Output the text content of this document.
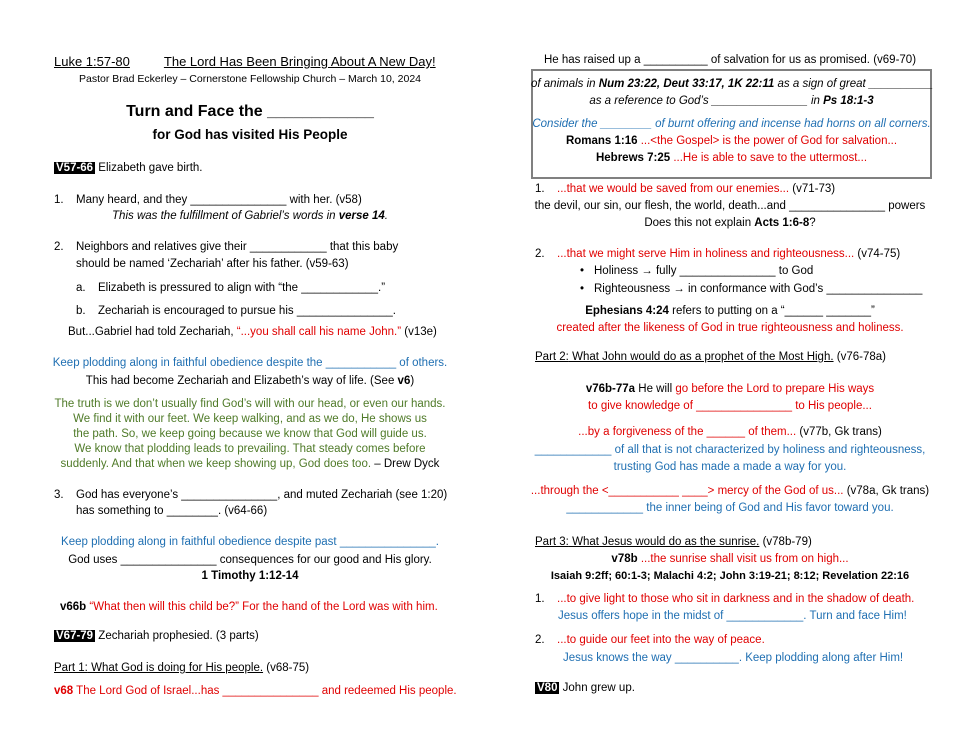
Luke 1:57-80	The Lord Has Been Bringing About A New Day!
Pastor Brad Eckerley – Cornerstone Fellowship Church – March 10, 2024
Turn and Face the ____________
for God has visited His People
V57-66 Elizabeth gave birth.
1. Many heard, and they _______________ with her. (v58)
This was the fulfillment of Gabriel’s words in verse 14.
2. Neighbors and relatives give their ____________ that this baby
should be named ‘Zechariah’ after his father. (v59-63)
a. Elizabeth is pressured to align with “the ____________.”
b. Zechariah is encouraged to pursue his _______________.
But...Gabriel had told Zechariah, “...you shall call his name John.” (v13e)
Keep plodding along in faithful obedience despite the ___________ of others.
This had become Zechariah and Elizabeth’s way of life. (See v6)
The truth is we don’t usually find God’s will with our head, or even our hands.
We find it with our feet. We keep walking, and as we do, He shows us
the path. So, we keep going because we know that God will guide us.
We know that plodding leads to prevailing. That steady comes before
suddenly. And that when we keep showing up, God does too. – Drew Dyck
3. God has everyone’s _______________, and muted Zechariah (see 1:20)
has something to ________. (v64-66)
Keep plodding along in faithful obedience despite past _______________.
God uses _______________ consequences for our good and His glory.
1 Timothy 1:12-14
v66b “What then will this child be?” For the hand of the Lord was with him.
V67-79 Zechariah prophesied. (3 parts)
Part 1: What God is doing for His people. (v68-75)
v68 The Lord God of Israel...has _______________ and redeemed His people.
He has raised up a __________ of salvation for us as promised. (v69-70)
of animals in Num 23:22, Deut 33:17, 1K 22:11 as a sign of great __________
as a reference to God’s _______________ in Ps 18:1-3
Consider the ________ of burnt offering and incense had horns on all corners.
Romans 1:16 ...<the Gospel> is the power of God for salvation...
Hebrews 7:25 ...He is able to save to the uttermost...
1. ...that we would be saved from our enemies... (v71-73)
the devil, our sin, our flesh, the world, death...and _______________ powers
Does this not explain Acts 1:6-8?
2. ...that we might serve Him in holiness and righteousness... (v74-75)
• Holiness → fully _______________ to God
• Righteousness → in conformance with God’s _______________
Ephesians 4:24 refers to putting on a “______ _______”
created after the likeness of God in true righteousness and holiness.
Part 2: What John would do as a prophet of the Most High. (v76-78a)
v76b-77a He will go before the Lord to prepare His ways
to give knowledge of _______________ to His people...
...by a forgiveness of the ______ of them... (v77b, Gk trans)
____________ of all that is not characterized by holiness and righteousness,
trusting God has made a made a way for you.
...through the <___________ ____> mercy of the God of us... (v78a, Gk trans)
____________ the inner being of God and His favor toward you.
Part 3: What Jesus would do as the sunrise. (v78b-79)
v78b ...the sunrise shall visit us from on high...
Isaiah 9:2ff; 60:1-3; Malachi 4:2; John 3:19-21; 8:12; Revelation 22:16
1. ...to give light to those who sit in darkness and in the shadow of death.
Jesus offers hope in the midst of ____________. Turn and face Him!
2. ...to guide our feet into the way of peace.
Jesus knows the way __________. Keep plodding along after Him!
V80 John grew up.
